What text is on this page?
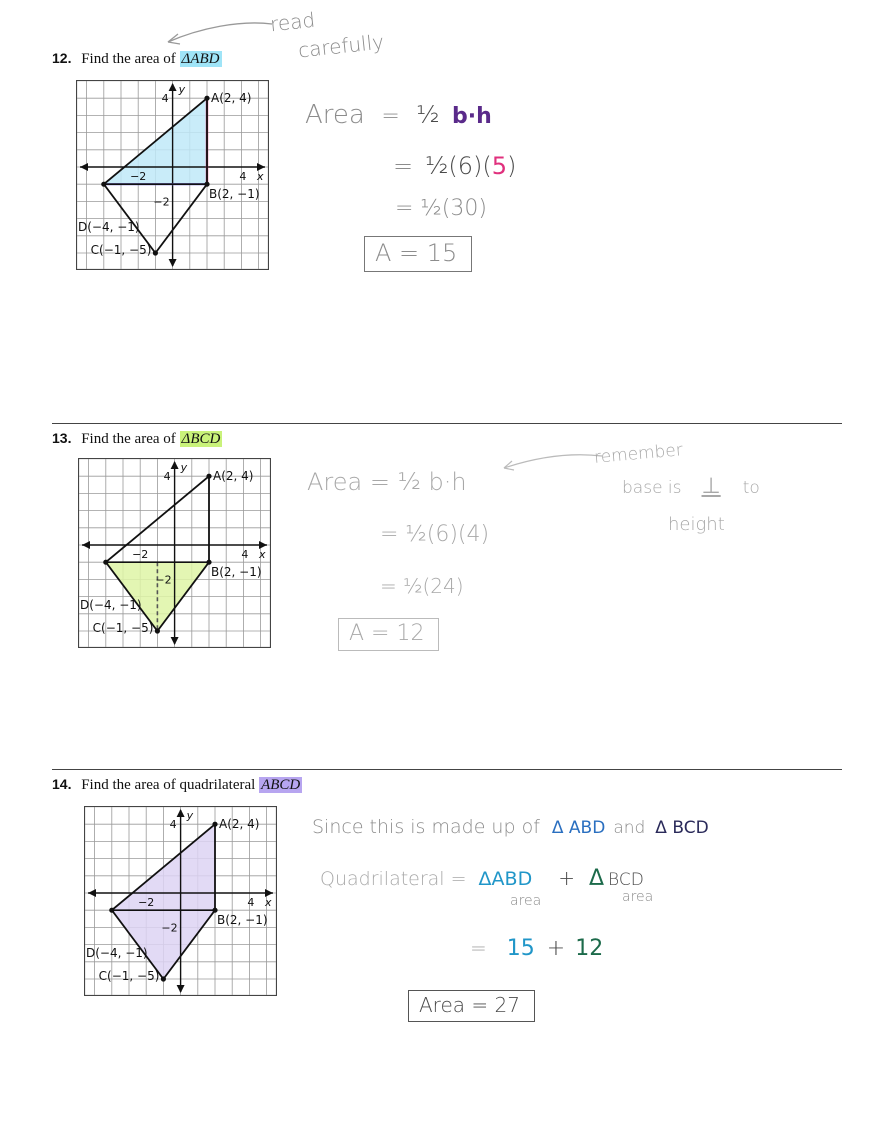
12. Find the area of ΔABD
read
carefully
y
x
4
−2
4
−2
A(2, 4)
B(2, −1)
D(−4, −1)
C(−1, −5)
Area = ½ b·h
= ½(6)(5)
= ½(30)
A = 15
13. Find the area of ΔBCD
y
x
4
−2
4
−2
A(2, 4)
B(2, −1)
D(−4, −1)
C(−1, −5)
Area = ½ b·h
= ½(6)(4)
= ½(24)
A = 12
remember
base is ⊥ to
height
14. Find the area of quadrilateral ABCD
y
x
4
−2
4
−2
A(2, 4)
B(2, −1)
D(−4, −1)
C(−1, −5)
Since this is made up of Δ ABD and Δ BCD
Quadrilateral = ΔABD + Δ BCD
area	area
= 15 + 12
Area = 27
